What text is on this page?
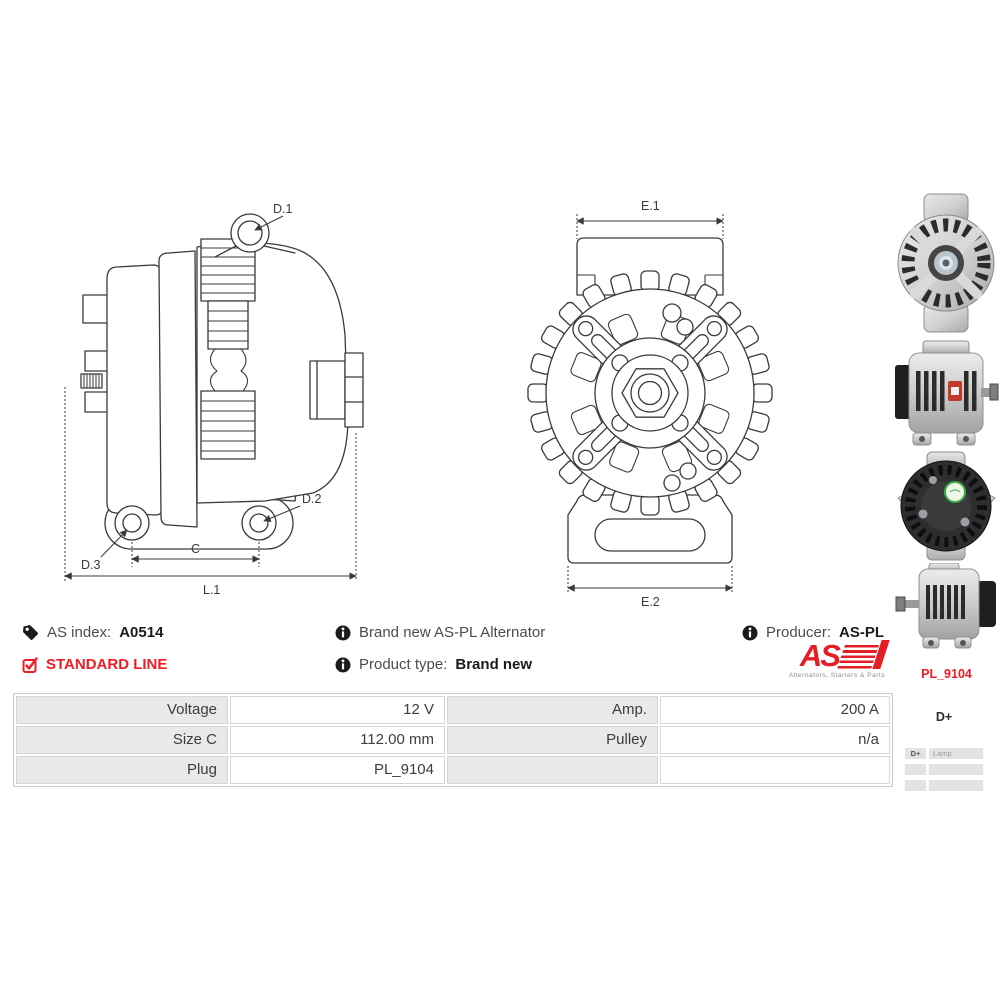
D.1
D.3
D.2
C
L.1
E.1
E.2
PL_9104
D+
D+	Lamp
AS index: A0514
STANDARD LINE
Brand new AS-PL Alternator
Product type: Brand new
Producer: AS-PL
AS
Alternators, Starters & Parts
Voltage	12 V	Amp.	200 A
Size C	112.00 mm	Pulley	n/a
Plug	PL_9104
